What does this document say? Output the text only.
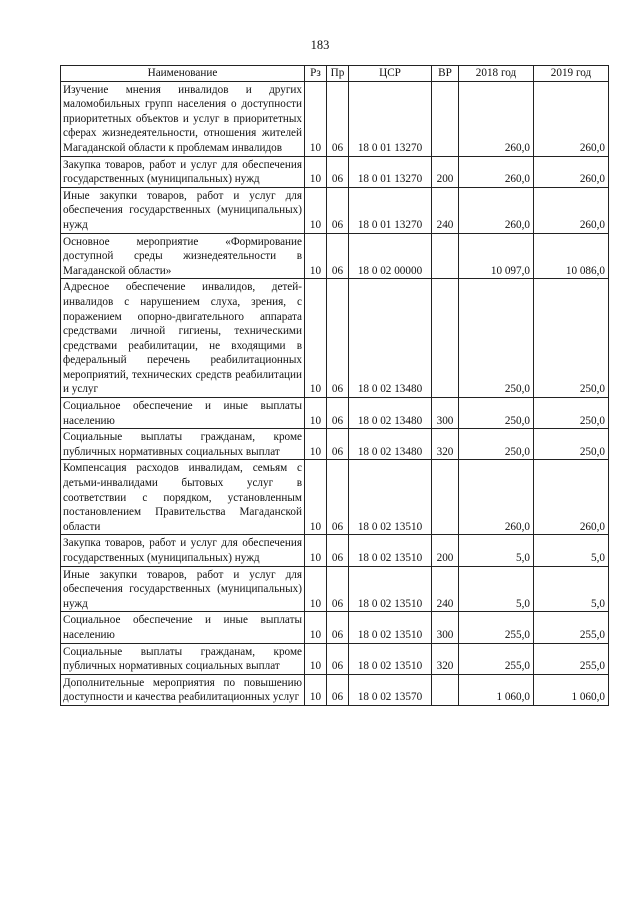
183
Наименование	Рз	Пр	ЦСР	ВР	2018 год	2019 год
Изучение мнения инвалидов и других маломобильных групп населения о доступности приоритетных объектов и услуг в приоритетных сферах жизнедеятельности, отношения жителей Магаданской области к проблемам инвалидов	10	06	18 0 01 13270		260,0	260,0
Закупка товаров, работ и услуг для обеспечения государственных (муниципальных) нужд	10	06	18 0 01 13270	200	260,0	260,0
Иные закупки товаров, работ и услуг для обеспечения государственных (муниципальных) нужд	10	06	18 0 01 13270	240	260,0	260,0
Основное мероприятие «Формирование доступной среды жизнедеятельности в Магаданской области»	10	06	18 0 02 00000		10 097,0	10 086,0
Адресное обеспечение инвалидов, детей-инвалидов с нарушением слуха, зрения, с поражением опорно-двигательного аппарата средствами личной гигиены, техническими средствами реабилитации, не входящими в федеральный перечень реабилитационных мероприятий, технических средств реабилитации и услуг	10	06	18 0 02 13480		250,0	250,0
Социальное обеспечение и иные выплаты населению	10	06	18 0 02 13480	300	250,0	250,0
Социальные выплаты гражданам, кроме публичных нормативных социальных выплат	10	06	18 0 02 13480	320	250,0	250,0
Компенсация расходов инвалидам, семьям с детьми-инвалидами бытовых услуг в соответствии с порядком, установленным постановлением Правительства Магаданской области	10	06	18 0 02 13510		260,0	260,0
Закупка товаров, работ и услуг для обеспечения государственных (муниципальных) нужд	10	06	18 0 02 13510	200	5,0	5,0
Иные закупки товаров, работ и услуг для обеспечения государственных (муниципальных) нужд	10	06	18 0 02 13510	240	5,0	5,0
Социальное обеспечение и иные выплаты населению	10	06	18 0 02 13510	300	255,0	255,0
Социальные выплаты гражданам, кроме публичных нормативных социальных выплат	10	06	18 0 02 13510	320	255,0	255,0
Дополнительные мероприятия по повышению доступности и качества реабилитационных услуг	10	06	18 0 02 13570		1 060,0	1 060,0
